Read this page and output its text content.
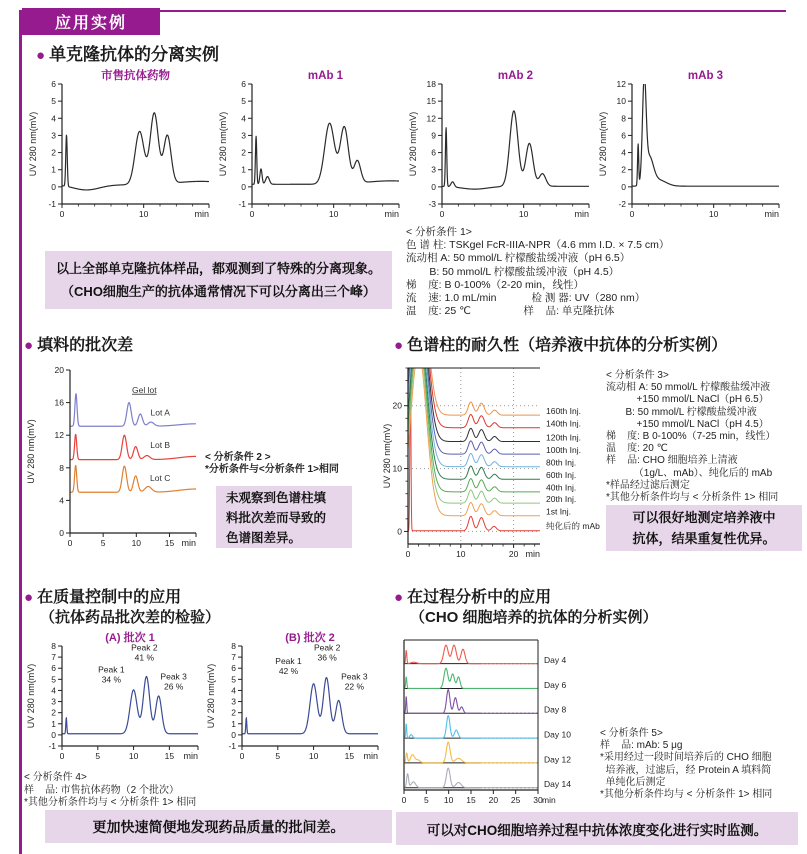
应用实例
● 单克隆抗体的分离实例
0	10
-1
0
1
2
3
4
5
6
min
UV 280 nm(mV)
市售抗体药物
0	10
-1
0
1
2
3
4
5
6
min
UV 280 nm(mV)
mAb 1
0	10
-3
0
3
6
9
12
15
18
min
UV 280 nm(mV)
mAb 2
0	10
-2
0
2
4
6
8
10
12
min
UV 280 nm(mV)
mAb 3
< 分析条件 1>
色 谱 柱: TSKgel FcR-IIIA-NPR（4.6 mm I.D. × 7.5 cm）
流动相 A: 50 mmol/L 柠檬酸盐缓冲液（pH 6.5）
B: 50 mmol/L 柠檬酸盐缓冲液（pH 4.5）
梯    度: B 0-100%（2-20 min，线性）
流    速: 1.0 mL/min            检 测 器: UV（280 nm）
温    度: 25 ℃                  样    品: 单克隆抗体
以上全部单克隆抗体样品，都观测到了特殊的分离现象。
（CHO细胞生产的抗体通常情况下可以分离出三个峰）
● 填料的批次差	● 色谱柱的耐久性（培养液中抗体的分析实例）
0	5	10	15
0
4
8
12
16
20
min
UV 280 nm(mV)
Gel lot
Lot A
Lot B
Lot C
< 分析条件 2 >
*分析条件与<分析条件 1>相同
未观察到色谱柱填
料批次差而导致的
色谱图差异。
0	10	20
0
10
20
min
UV 280 nm(mV)
160th Inj.
140th Inj.
120th Inj.
100th Inj.
80th Inj.
60th Inj.
40th Inj.
20th Inj.
1st Inj.
纯化后的 mAb
< 分析条件 3>
流动相 A: 50 mmol/L 柠檬酸盐缓冲液
+150 mmol/L NaCl（pH 6.5）
B: 50 mmol/L 柠檬酸盐缓冲液
+150 mmol/L NaCl（pH 4.5）
梯    度: B 0-100%（7-25 min，线性）
温    度: 20 ℃
样    品: CHO 细胞培养上清液
（1g/L、mAb）、纯化后的 mAb
*样品经过滤后测定
*其他分析条件均与 < 分析条件 1> 相同
可以很好地测定培养液中
抗体，结果重复性优异。
● 在质量控制中的应用
（抗体药品批次差的检验）
● 在过程分析中的应用
（CHO 细胞培养的抗体的分析实例）
0	5	10	15
-1
0
1
2
3
4
5
6
7
8
min
UV 280 nm(mV)
(A) 批次 1
Peak 1 34 %
Peak 2 41 %
Peak 3 26 %
0	5	10	15
-1
0
1
2
3
4
5
6
7
8
min
UV 280 nm(mV)
(B) 批次 2
Peak 1 42 %
Peak 2 36 %
Peak 3 22 %
< 分析条件 4>
样    品: 市售抗体药物（2 个批次）
*其他分析条件均与 < 分析条件 1> 相同
更加快速简便地发现药品质量的批间差。
0 5 10 15 20 25 30 min
Day 4
Day 6
Day 8
Day 10
Day 12
Day 14
< 分析条件 5>
样    品: mAb: 5 μg
*采用经过一段时间培养后的 CHO 细胞
培养液，过滤后，经 Protein A 填料简
单纯化后测定
*其他分析条件均与 < 分析条件 1> 相同
可以对CHO细胞培养过程中抗体浓度变化进行实时监测。
